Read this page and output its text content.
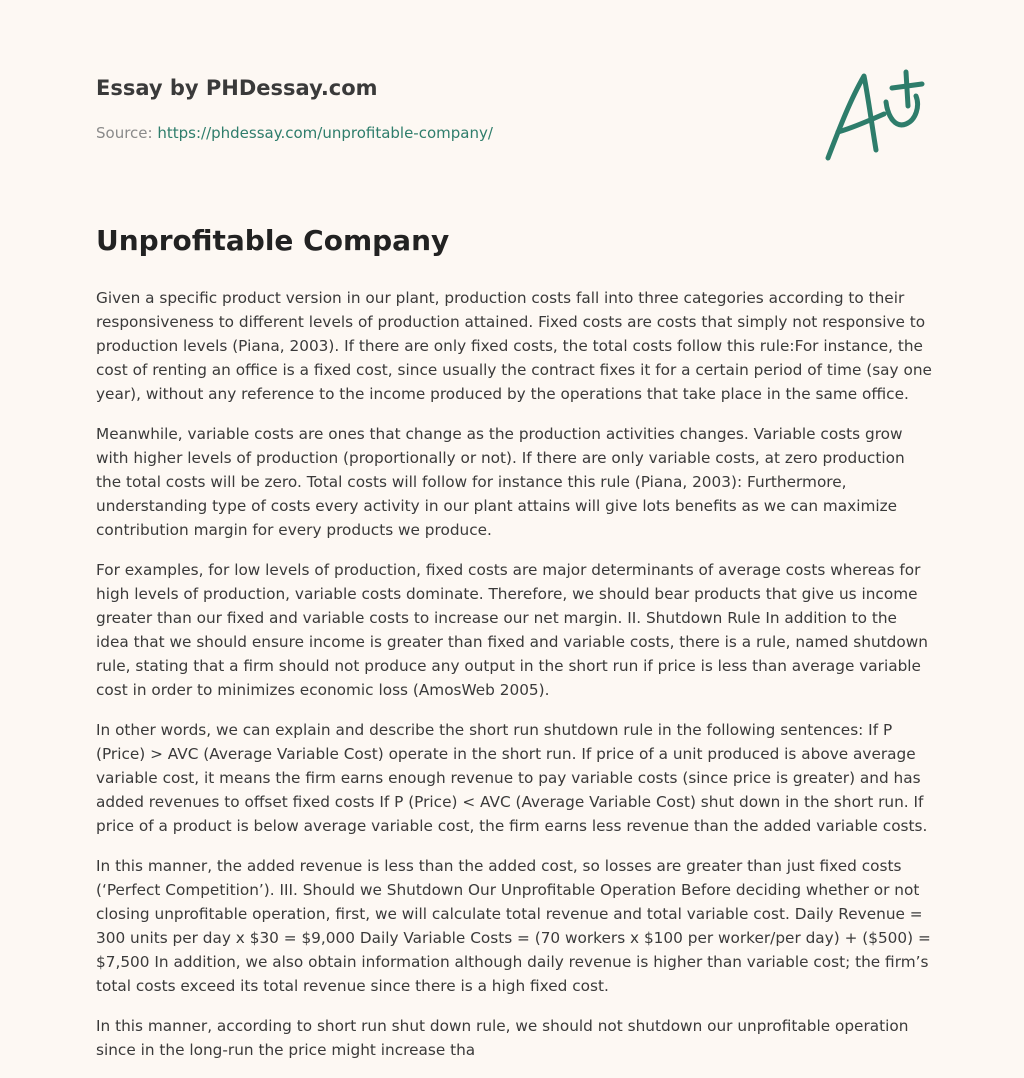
Essay by PHDessay.com
Source: https://phdessay.com/unprofitable-company/
Unprofitable Company

Given a specific product version in our plant, production costs fall into three categories according to their responsiveness to different levels of production attained. Fixed costs are costs that simply not responsive to production levels (Piana, 2003). If there are only fixed costs, the total costs follow this rule:For instance, the cost of renting an office is a fixed cost, since usually the contract fixes it for a certain period of time (say one year), without any reference to the income produced by the operations that take place in the same office.

Meanwhile, variable costs are ones that change as the production activities changes. Variable costs grow with higher levels of production (proportionally or not). If there are only variable costs, at zero production the total costs will be zero. Total costs will follow for instance this rule (Piana, 2003): Furthermore, understanding type of costs every activity in our plant attains will give lots benefits as we can maximize contribution margin for every products we produce.

For examples, for low levels of production, fixed costs are major determinants of average costs whereas for high levels of production, variable costs dominate. Therefore, we should bear products that give us income greater than our fixed and variable costs to increase our net margin. II. Shutdown Rule In addition to the idea that we should ensure income is greater than fixed and variable costs, there is a rule, named shutdown rule, stating that a firm should not produce any output in the short run if price is less than average variable cost in order to minimizes economic loss (AmosWeb 2005).

In other words, we can explain and describe the short run shutdown rule in the following sentences: If P (Price) > AVC (Average Variable Cost) operate in the short run. If price of a unit produced is above average variable cost, it means the firm earns enough revenue to pay variable costs (since price is greater) and has added revenues to offset fixed costs If P (Price) < AVC (Average Variable Cost) shut down in the short run. If price of a product is below average variable cost, the firm earns less revenue than the added variable costs.

In this manner, the added revenue is less than the added cost, so losses are greater than just fixed costs (‘Perfect Competition’). III. Should we Shutdown Our Unprofitable Operation Before deciding whether or not closing unprofitable operation, first, we will calculate total revenue and total variable cost. Daily Revenue = 300 units per day x $30 = $9,000 Daily Variable Costs = (70 workers x $100 per worker/per day) + ($500) = $7,500 In addition, we also obtain information although daily revenue is higher than variable cost; the firm’s total costs exceed its total revenue since there is a high fixed cost.

In this manner, according to short run shut down rule, we should not shutdown our unprofitable operation since in the long-run the price might increase tha
